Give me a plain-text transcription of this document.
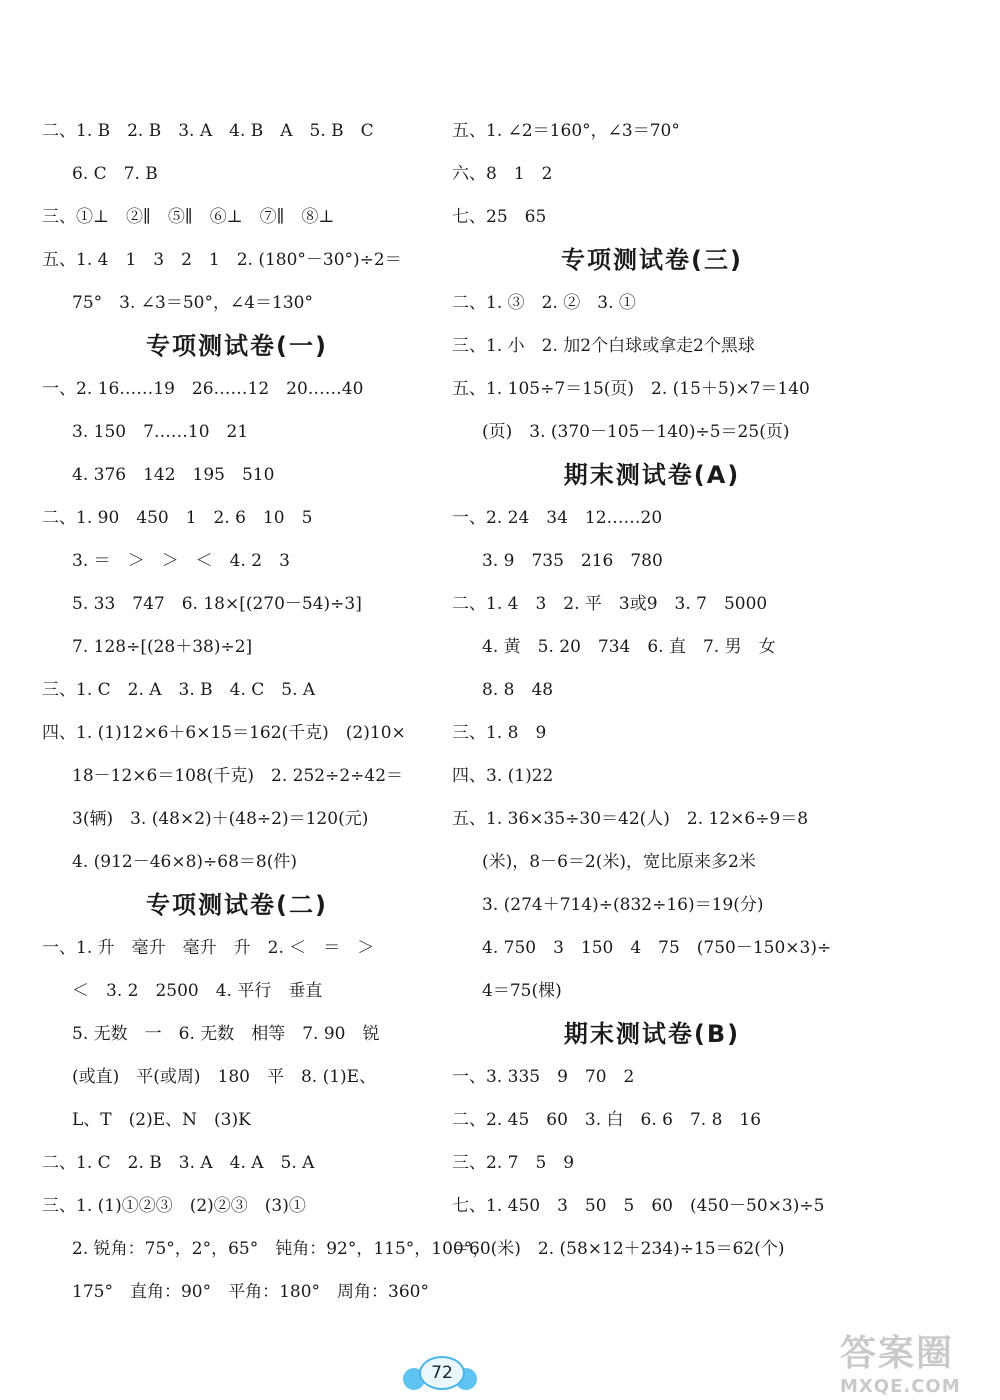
二、1. B　2. B　3. A　4. B　A　5. B　C
6. C　7. B
三、①⊥　②∥　⑤∥　⑥⊥　⑦∥　⑧⊥
五、1. 4　1　3　2　1　2. (180°－30°)÷2＝
75°　3. ∠3＝50°，∠4＝130°
专项测试卷(一)
一、2. 16……19　26……12　20……40
3. 150　7……10　21
4. 376　142　195　510
二、1. 90　450　1　2. 6　10　5
3. ＝　＞　＞　＜　4. 2　3
5. 33　747　6. 18×[(270－54)÷3]
7. 128÷[(28＋38)÷2]
三、1. C　2. A　3. B　4. C　5. A
四、1. (1)12×6＋6×15＝162(千克)　(2)10×
18－12×6＝108(千克)　2. 252÷2÷42＝
3(辆)　3. (48×2)＋(48÷2)＝120(元)
4. (912－46×8)÷68＝8(件)
专项测试卷(二)
一、1. 升　毫升　毫升　升　2. ＜　＝　＞
＜　3. 2　2500　4. 平行　垂直
5. 无数　一　6. 无数　相等　7. 90　锐
(或直)　平(或周)　180　平　8. (1)E、
L、T　(2)E、N　(3)K
二、1. C　2. B　3. A　4. A　5. A
三、1. (1)①②③　(2)②③　(3)①
2. 锐角：75°，2°，65°　钝角：92°，115°，100°，
175°　直角：90°　平角：180°　周角：360°
五、1. ∠2＝160°，∠3＝70°
六、8　1　2
七、25　65
专项测试卷(三)
二、1. ③　2. ②　3. ①
三、1. 小　2. 加2个白球或拿走2个黑球
五、1. 105÷7＝15(页)　2. (15＋5)×7＝140
(页)　3. (370－105－140)÷5＝25(页)
期末测试卷(A)
一、2. 24　34　12……20
3. 9　735　216　780
二、1. 4　3　2. 平　3或9　3. 7　5000
4. 黄　5. 20　734　6. 直　7. 男　女
8. 8　48
三、1. 8　9
四、3. (1)22
五、1. 36×35÷30＝42(人)　2. 12×6÷9＝8
(米)，8－6＝2(米)，宽比原来多2米
3. (274＋714)÷(832÷16)＝19(分)
4. 750　3　150　4　75　(750－150×3)÷
4＝75(棵)
期末测试卷(B)
一、3. 335　9　70　2
二、2. 45　60　3. 白　6. 6　7. 8　16
三、2. 7　5　9
七、1. 450　3　50　5　60　(450－50×3)÷5
＝60(米)　2. (58×12＋234)÷15＝62(个)
72	答案圈
MXQE.COM
